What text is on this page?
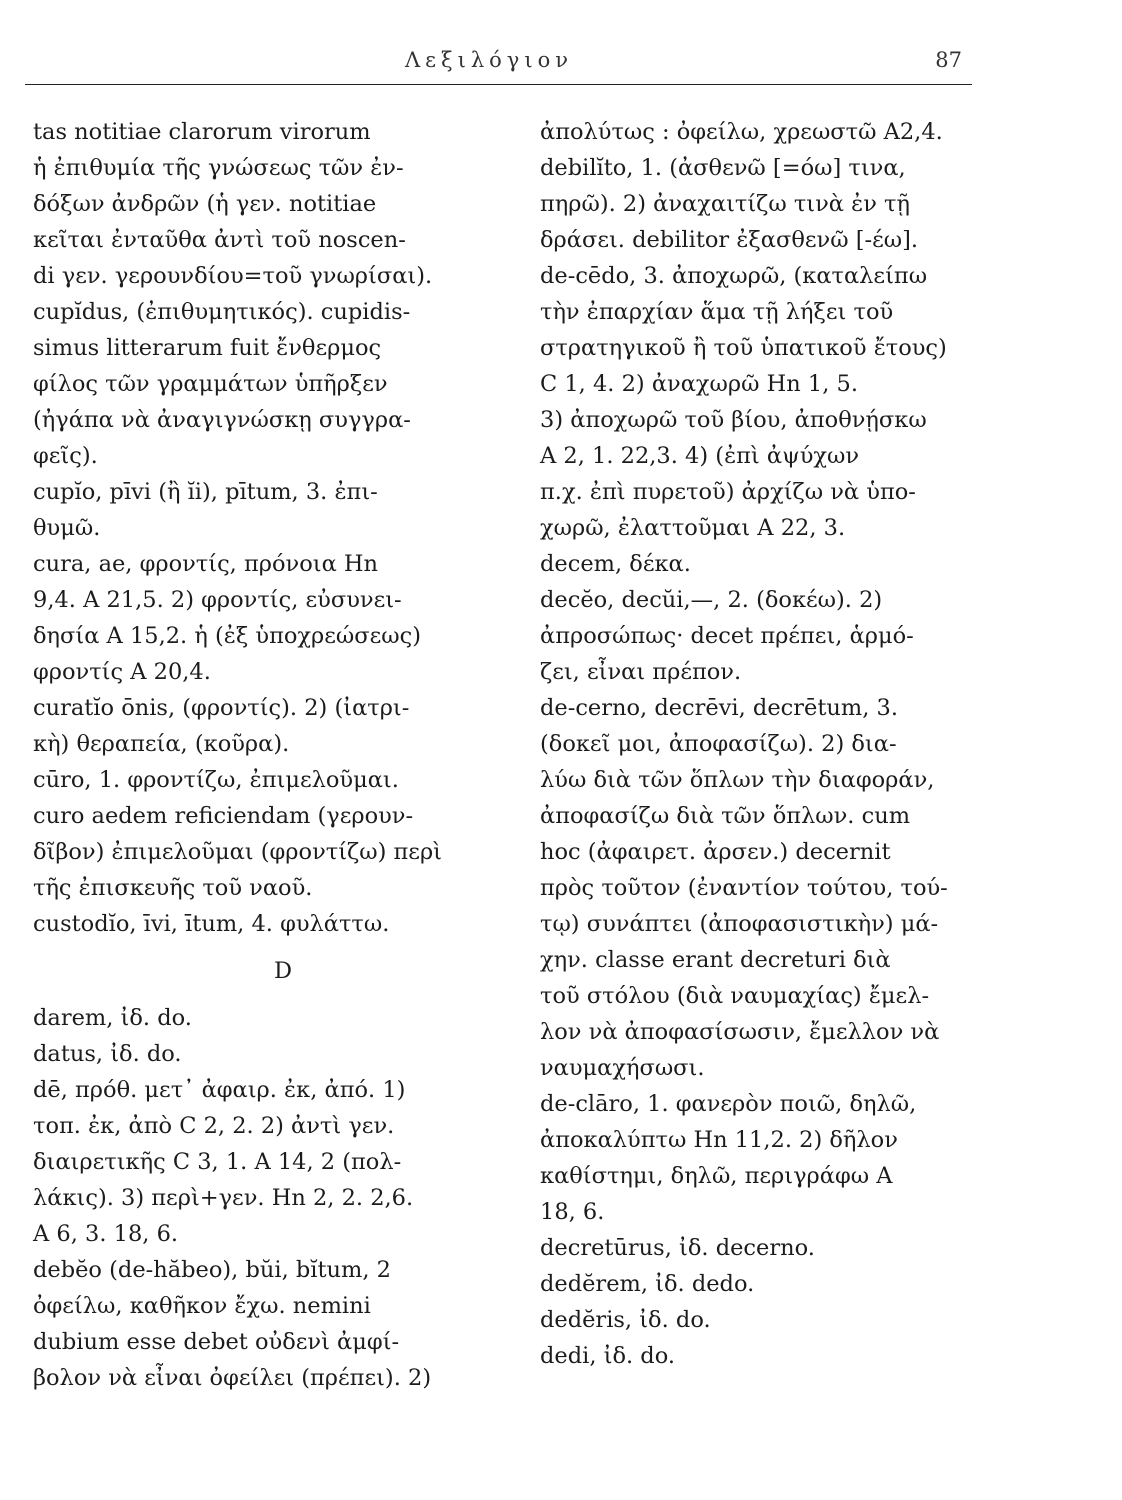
Λεξιλόγιον	87
tas notitiae clarorum virorum
ἡ ἐπιθυμία τῆς γνώσεως τῶν ἐν-
δόξων ἀνδρῶν (ἡ γεν. notitiae
κεῖται ἐνταῦθα ἀντὶ τοῦ noscen-
di γεν. γερουνδίου=τοῦ γνωρίσαι).
cupĭdus, (ἐπιθυμητικός). cupidis-
simus litterarum fuit ἔνθερμος
φίλος τῶν γραμμάτων ὑπῆρξεν
(ἠγάπα νὰ ἀναγιγνώσκῃ συγγρα-
φεῖς).
cupĭo, pīvi (ἢ ĭi), pītum, 3. ἐπι-
θυμῶ.
cura, ae, φροντίς, πρόνοια Hn
9,4. A 21,5. 2) φροντίς, εὐσυνει-
δησία A 15,2. ἡ (ἐξ ὑποχρεώσεως)
φροντίς A 20,4.
curatĭo ōnis, (φροντίς). 2) (ἰατρι-
κὴ) θεραπεία, (κοῦρα).
cūro, 1. φροντίζω, ἐπιμελοῦμαι.
curo aedem reficiendam (γερουν-
δῖβον) ἐπιμελοῦμαι (φροντίζω) περὶ
τῆς ἐπισκευῆς τοῦ ναοῦ.
custodĭo, īvi, ītum, 4. φυλάττω.
D
darem, ἰδ. do.
datus, ἰδ. do.
dē, πρόθ. μετ᾽ ἀφαιρ. ἐκ, ἀπό. 1)
τοπ. ἐκ, ἀπὸ C 2, 2. 2) ἀντὶ γεν.
διαιρετικῆς C 3, 1. A 14, 2 (πολ-
λάκις). 3) περὶ+γεν. Hn 2, 2. 2,6.
A 6, 3. 18, 6.
debĕo (de-hăbeo), bŭi, bĭtum, 2
ὀφείλω, καθῆκον ἔχω. nemini
dubium esse debet οὐδενὶ ἀμφί-
βολον νὰ εἶναι ὀφείλει (πρέπει). 2)
ἀπολύτως : ὀφείλω, χρεωστῶ A2,4.
debilĭto, 1. (ἀσθενῶ [=όω] τινα,
πηρῶ). 2) ἀναχαιτίζω τινὰ ἐν τῇ
δράσει. debilitor ἐξασθενῶ [-έω].
de-cēdo, 3. ἀποχωρῶ, (καταλείπω
τὴν ἐπαρχίαν ἅμα τῇ λήξει τοῦ
στρατηγικοῦ ἢ τοῦ ὑπατικοῦ ἔτους)
C 1, 4. 2) ἀναχωρῶ Hn 1, 5.
3) ἀποχωρῶ τοῦ βίου, ἀποθνῄσκω
A 2, 1. 22,3. 4) (ἐπὶ ἀψύχων
π.χ. ἐπὶ πυρετοῦ) ἀρχίζω νὰ ὑπο-
χωρῶ, ἐλαττοῦμαι A 22, 3.
decem, δέκα.
decĕo, decŭi,—, 2. (δοκέω). 2)
ἀπροσώπως· decet πρέπει, ἁρμό-
ζει, εἶναι πρέπον.
de-cerno, decrēvi, decrētum, 3.
(δοκεῖ μοι, ἀποφασίζω). 2) δια-
λύω διὰ τῶν ὅπλων τὴν διαφοράν,
ἀποφασίζω διὰ τῶν ὅπλων. cum
hoc (ἀφαιρετ. ἀρσεν.) decernit
πρὸς τοῦτον (ἐναντίον τούτου, τού-
τῳ) συνάπτει (ἀποφασιστικὴν) μά-
χην. classe erant decreturi διὰ
τοῦ στόλου (διὰ ναυμαχίας) ἔμελ-
λον νὰ ἀποφασίσωσιν, ἔμελλον νὰ
ναυμαχήσωσι.
de-clāro, 1. φανερὸν ποιῶ, δηλῶ,
ἀποκαλύπτω Hn 11,2. 2) δῆλον
καθίστημι, δηλῶ, περιγράφω A
18, 6.
decretūrus, ἰδ. decerno.
dedĕrem, ἰδ. dedo.
dedĕris, ἰδ. do.
dedi, ἰδ. do.
